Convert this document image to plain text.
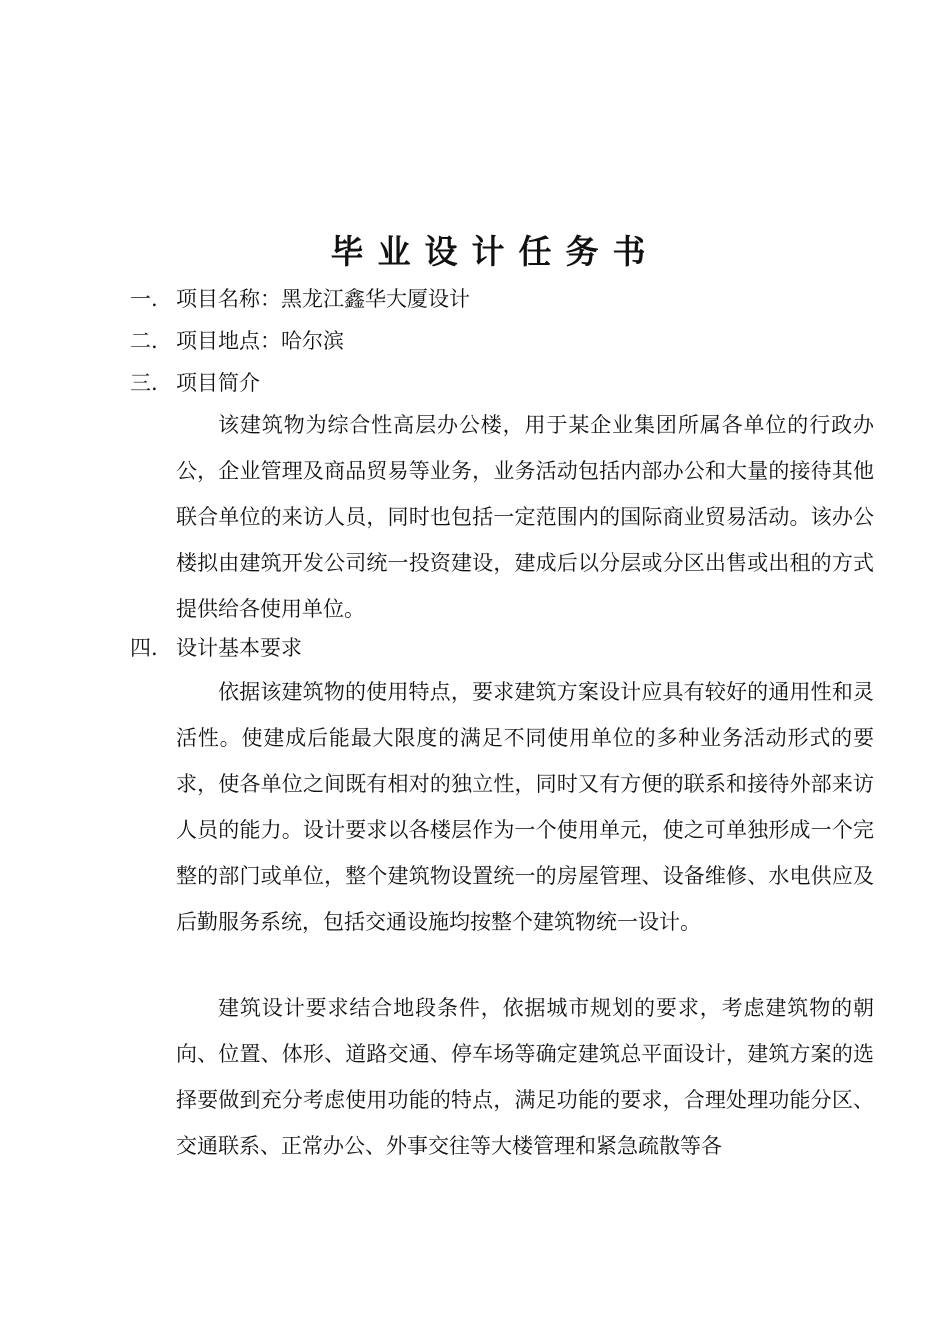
毕业设计任务书
一. 项目名称：黑龙江鑫华大厦设计
二. 项目地点：哈尔滨
三. 项目简介
该建筑物为综合性高层办公楼，用于某企业集团所属各单位的行政办公，企业管理及商品贸易等业务，业务活动包括内部办公和大量的接待其他联合单位的来访人员，同时也包括一定范围内的国际商业贸易活动。该办公楼拟由建筑开发公司统一投资建设，建成后以分层或分区出售或出租的方式提供给各使用单位。
四. 设计基本要求
依据该建筑物的使用特点，要求建筑方案设计应具有较好的通用性和灵活性。使建成后能最大限度的满足不同使用单位的多种业务活动形式的要求，使各单位之间既有相对的独立性，同时又有方便的联系和接待外部来访人员的能力。设计要求以各楼层作为一个使用单元，使之可单独形成一个完整的部门或单位，整个建筑物设置统一的房屋管理、设备维修、水电供应及后勤服务系统，包括交通设施均按整个建筑物统一设计。
建筑设计要求结合地段条件，依据城市规划的要求，考虑建筑物的朝向、位置、体形、道路交通、停车场等确定建筑总平面设计，建筑方案的选择要做到充分考虑使用功能的特点，满足功能的要求，合理处理功能分区、交通联系、正常办公、外事交往等大楼管理和紧急疏散等各
